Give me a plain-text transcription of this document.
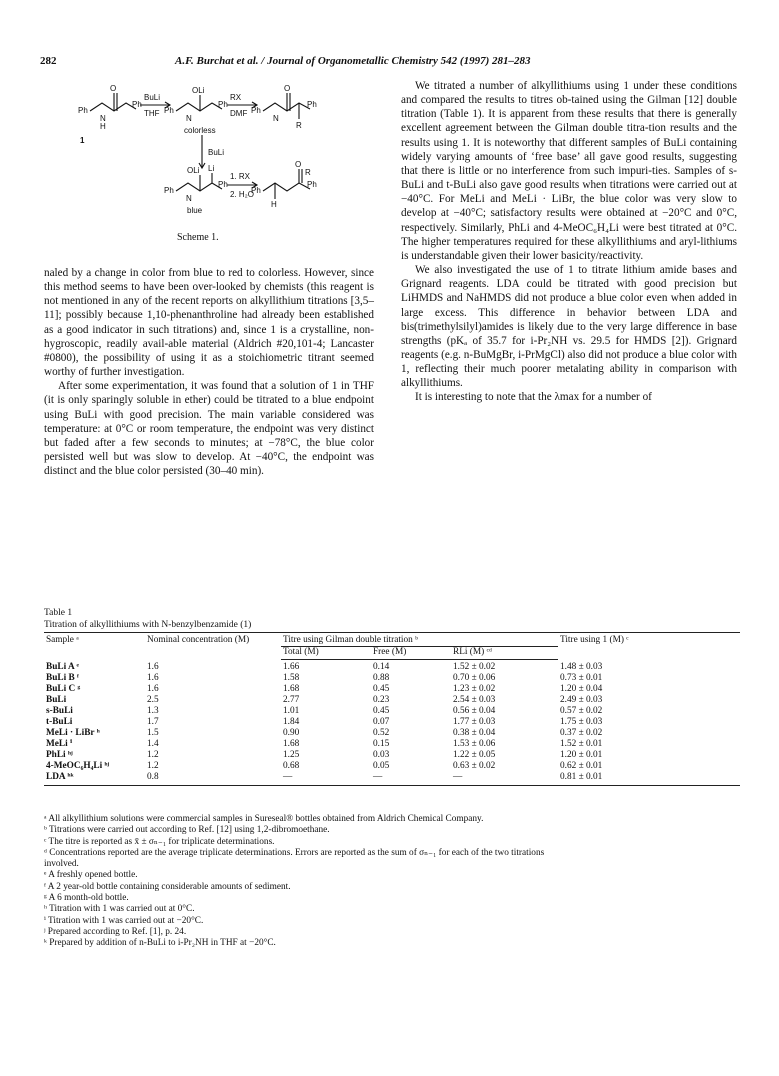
282	A.F. Burchat et al. / Journal of Organometallic Chemistry 542 (1997) 281–283
Ph
N
H
O
Ph
BuLi
THF
OLi
Ph
N
Ph
RX
DMF
O
Ph
N
R
Ph
1
colorless
BuLi
OLi Li
Ph
N
Ph
1. RX
2. H₂O
O
R
Ph
H
Ph
blue
Scheme 1.

naled by a change in color from blue to red to colorless. However, since this method seems to have been over-looked by chemists (this reagent is not mentioned in any of the recent reports on alkyllithium titrations [3,5–11]; possibly because 1,10-phenanthroline had already been established as a good indicator in such titrations) and, since 1 is a crystalline, non-hygroscopic, readily avail-able material (Aldrich #20,101-4; Lancaster #0800), the possibility of using it as a stoichiometric titrant seemed worthy of further investigation.

After some experimentation, it was found that a solution of 1 in THF (it is only sparingly soluble in ether) could be titrated to a blue endpoint using BuLi with good precision. The main variable considered was temperature: at 0°C or room temperature, the endpoint was very distinct but faded after a few seconds to minutes; at −78°C, the blue color persisted well but was slow to develop. At −40°C, the endpoint was distinct and the blue color persisted (30–40 min).

We titrated a number of alkyllithiums using 1 under these conditions and compared the results to titres ob-tained using the Gilman [12] double titration (Table 1). It is apparent from these results that there is generally excellent agreement between the Gilman double titra-tion results and the results using 1. It is noteworthy that different samples of BuLi containing widely varying amounts of ‘free base’ all gave good results, suggesting that there is little or no interference from such impuri-ties. Samples of s-BuLi and t-BuLi also gave good results when titrations were carried out at −40°C. For MeLi and MeLi · LiBr, the blue color was very slow to develop at −40°C; satisfactory results were obtained at −20°C and 0°C, respectively. Similarly, PhLi and 4-MeOC₆H₄Li were best titrated at 0°C. The higher temperatures required for these alkyllithiums and aryl-lithiums is understandable given their lower basicity/reactivity.

We also investigated the use of 1 to titrate lithium amide bases and Grignard reagents. LDA could be titrated with good precision but LiHMDS and NaHMDS did not produce a blue color even when added in large excess. This difference in behavior between LDA and bis(trimethylsilyl)amides is likely due to the very large difference in base strengths (pKₐ of 35.7 for i-Pr₂NH vs. 29.5 for HMDS [2]). Grignard reagents (e.g. n-BuMgBr, i-PrMgCl) also did not produce a blue color with 1, reflecting their much poorer metalating ability in comparison with alkyllithiums.

It is interesting to note that the λmax for a number of

Table 1
Titration of alkyllithiums with N-benzylbenzamide (1)
Sample ᵃ	Nominal concentration (M)	Titre using Gilman double titration ᵇ			Titre using 1 (M) ᶜ
		Total (M)	Free (M)	RLi (M) ᶜᵈ	
BuLi A ᵉ	1.6	1.66	0.14	1.52 ± 0.02	1.48 ± 0.03
BuLi B ᶠ	1.6	1.58	0.88	0.70 ± 0.06	0.73 ± 0.01
BuLi C ᵍ	1.6	1.68	0.45	1.23 ± 0.02	1.20 ± 0.04
BuLi	2.5	2.77	0.23	2.54 ± 0.03	2.49 ± 0.03
s-BuLi	1.3	1.01	0.45	0.56 ± 0.04	0.57 ± 0.02
t-BuLi	1.7	1.84	0.07	1.77 ± 0.03	1.75 ± 0.03
MeLi · LiBr ʰ	1.5	0.90	0.52	0.38 ± 0.04	0.37 ± 0.02
MeLi ⁱ	1.4	1.68	0.15	1.53 ± 0.06	1.52 ± 0.01
PhLi ʰʲ	1.2	1.25	0.03	1.22 ± 0.05	1.20 ± 0.01
4-MeOC₆H₄Li ʰʲ	1.2	0.68	0.05	0.63 ± 0.02	0.62 ± 0.01
LDA ʰᵏ	0.8	—	—	—	0.81 ± 0.01
ᵃ All alkyllithium solutions were commercial samples in Sureseal® bottles obtained from Aldrich Chemical Company.
ᵇ Titrations were carried out according to Ref. [12] using 1,2-dibromoethane.
ᶜ The titre is reported as x̄ ± σₙ₋₁ for triplicate determinations.
ᵈ Concentrations reported are the average triplicate determinations. Errors are reported as the sum of σₙ₋₁ for each of the two titrations
involved.
ᵉ A freshly opened bottle.
ᶠ A 2 year-old bottle containing considerable amounts of sediment.
ᵍ A 6 month-old bottle.
ʰ Titration with 1 was carried out at 0°C.
ⁱ Titration with 1 was carried out at −20°C.
ʲ Prepared according to Ref. [1], p. 24.
ᵏ Prepared by addition of n-BuLi to i-Pr₂NH in THF at −20°C.
